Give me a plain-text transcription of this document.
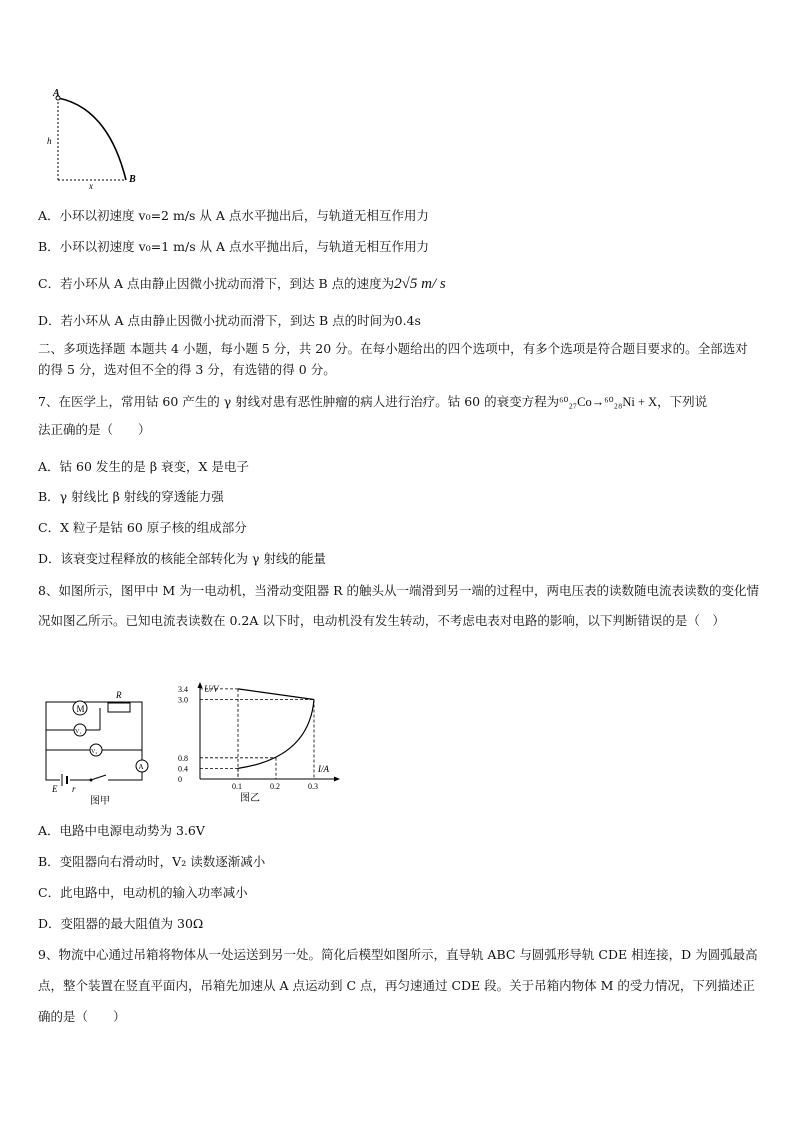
A
B
h
x
A．小环以初速度 v₀=2 m/s 从 A 点水平抛出后，与轨道无相互作用力
B．小环以初速度 v₀=1 m/s 从 A 点水平抛出后，与轨道无相互作用力
C．若小环从 A 点由静止因微小扰动而滑下，到达 B 点的速度为2√5 m/ s
D．若小环从 A 点由静止因微小扰动而滑下，到达 B 点的时间为0.4s
二、多项选择题 本题共 4 小题，每小题 5 分，共 20 分。在每小题给出的四个选项中，有多个选项是符合题目要求的。全部选对的得 5 分，选对但不全的得 3 分，有选错的得 0 分。
7、在医学上，常用钴 60 产生的 γ 射线对患有恶性肿瘤的病人进行治疗。钴 60 的衰变方程为⁶⁰₂₇Co→⁶⁰₂₈Ni + X，下列说
法正确的是（　　）
A．钴 60 发生的是 β 衰变，X 是电子
B．γ 射线比 β 射线的穿透能力强
C．X 粒子是钴 60 原子核的组成部分
D．该衰变过程释放的核能全部转化为 γ 射线的能量
8、如图所示，图甲中 M 为一电动机，当滑动变阻器 R 的触头从一端滑到另一端的过程中，两电压表的读数随电流表读数的变化情况如图乙所示。已知电流表读数在 0.2A 以下时，电动机没有发生转动，不考虑电表对电路的影响，以下判断错误的是（　）
M
R
V₁
V₂
A
E r
图甲
U/V
I/A
图乙
3.4
3.0
0.8
0.4
0
0.1	0.2	0.3
A．电路中电源电动势为 3.6V
B．变阻器向右滑动时，V₂ 读数逐渐减小
C．此电路中，电动机的输入功率减小
D．变阻器的最大阻值为 30Ω
9、物流中心通过吊箱将物体从一处运送到另一处。简化后模型如图所示，直导轨 ABC 与圆弧形导轨 CDE 相连接，D 为圆弧最高点，整个装置在竖直平面内，吊箱先加速从 A 点运动到 C 点，再匀速通过 CDE 段。关于吊箱内物体 M 的受力情况，下列描述正确的是（　　）
